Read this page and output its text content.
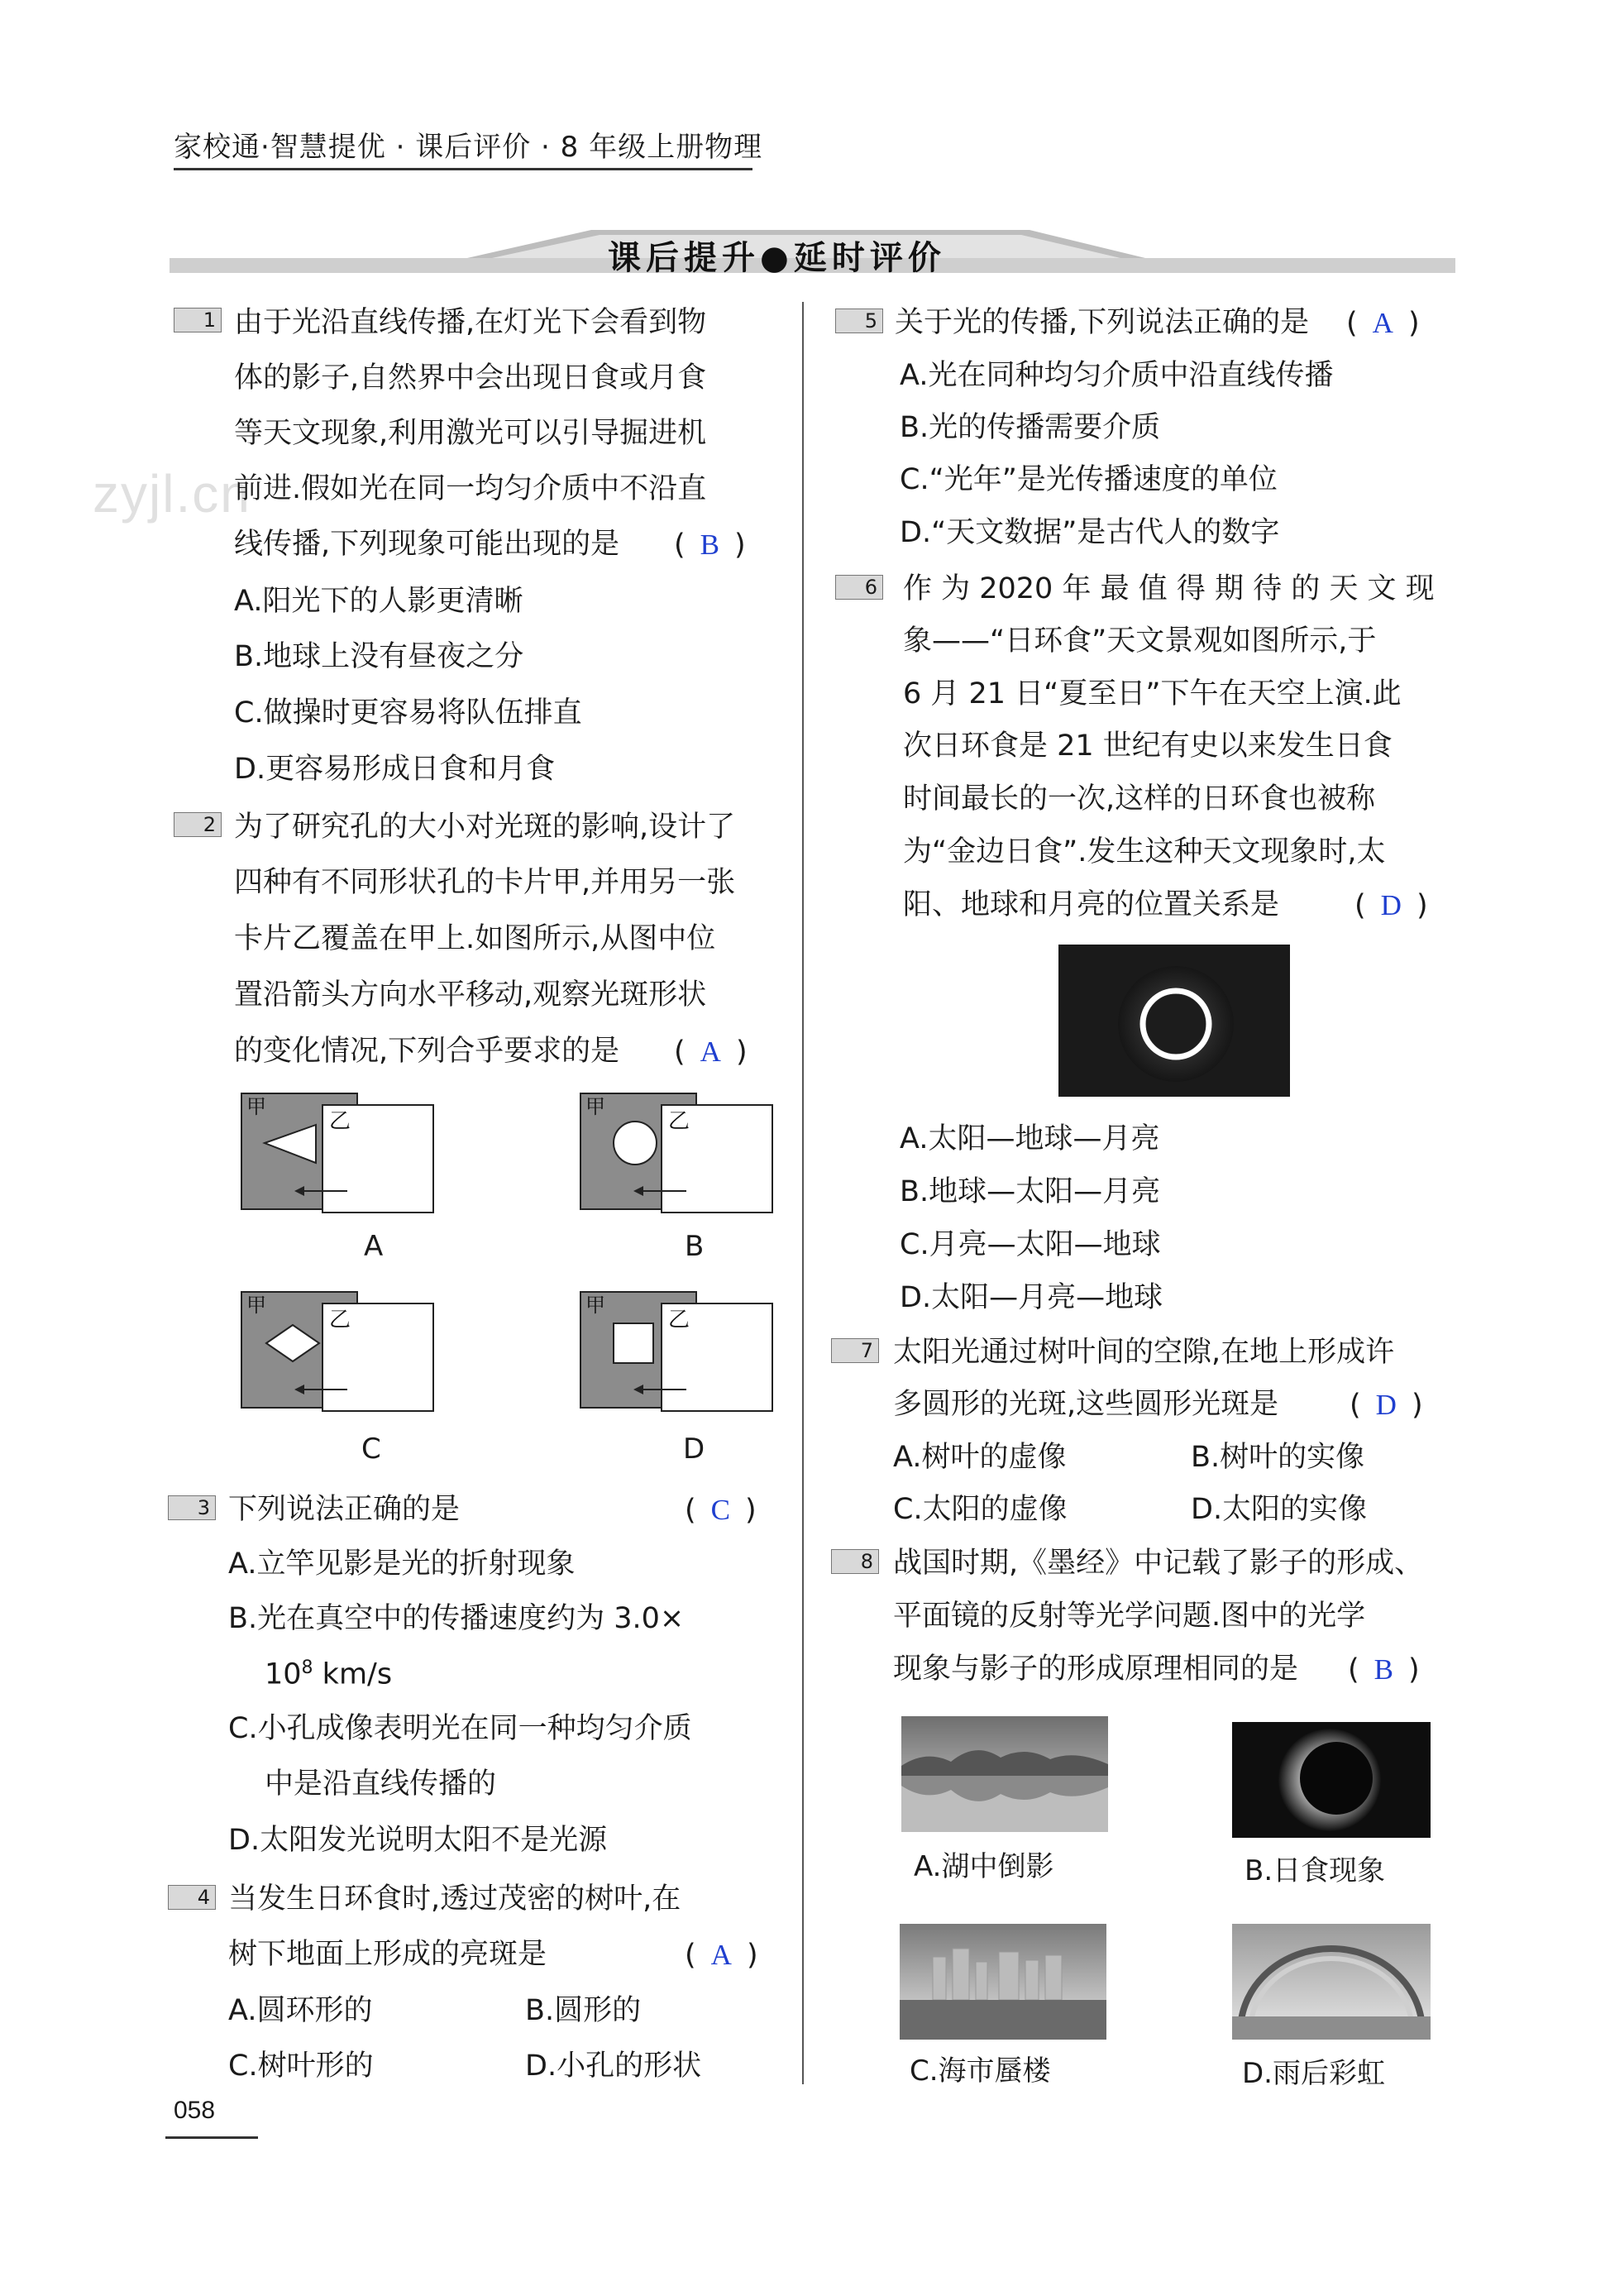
家校通·智慧提优 · 课后评价 · 8 年级上册物理
课后提升●延时评价
zyjl.cn
1 由于光沿直线传播,在灯光下会看到物
体的影子,自然界中会出现日食或月食
等天文现象,利用激光可以引导掘进机
前进.假如光在同一均匀介质中不沿直
线传播,下列现象可能出现的是 ( B )
A.阳光下的人影更清晰
B.地球上没有昼夜之分
C.做操时更容易将队伍排直
D.更容易形成日食和月食
2 为了研究孔的大小对光斑的影响,设计了
四种有不同形状孔的卡片甲,并用另一张
卡片乙覆盖在甲上.如图所示,从图中位
置沿箭头方向水平移动,观察光斑形状
的变化情况,下列合乎要求的是 ( A )
甲
乙
A
甲
乙
B
甲
乙
C
甲
乙
D
3 下列说法正确的是	( C )
A.立竿见影是光的折射现象
B.光在真空中的传播速度约为 3.0×
$10^8$ km/s
C.小孔成像表明光在同一种均匀介质
中是沿直线传播的
D.太阳发光说明太阳不是光源
4 当发生日环食时,透过茂密的树叶,在
树下地面上形成的亮斑是	( A )
A.圆环形的	B.圆形的
C.树叶形的	D.小孔的形状
5 关于光的传播,下列说法正确的是 ( A )
A.光在同种均匀介质中沿直线传播
B.光的传播需要介质
C.“光年”是光传播速度的单位
D.“天文数据”是古代人的数字
6 作 为 2020 年 最 值 得 期 待 的 天 文 现
象——“日环食”天文景观如图所示,于
6 月 21 日“夏至日”下午在天空上演.此
次日环食是 21 世纪有史以来发生日食
时间最长的一次,这样的日环食也被称
为“金边日食”.发生这种天文现象时,太
阳、地球和月亮的位置关系是	( D )
A.太阳—地球—月亮
B.地球—太阳—月亮
C.月亮—太阳—地球
D.太阳—月亮—地球
7 太阳光通过树叶间的空隙,在地上形成许
多圆形的光斑,这些圆形光斑是 ( D )
A.树叶的虚像	B.树叶的实像
C.太阳的虚像	D.太阳的实像
8 战国时期,《墨经》中记载了影子的形成、
平面镜的反射等光学问题.图中的光学
现象与影子的形成原理相同的是 ( B )
A.湖中倒影	B.日食现象
C.海市蜃楼	D.雨后彩虹
058
